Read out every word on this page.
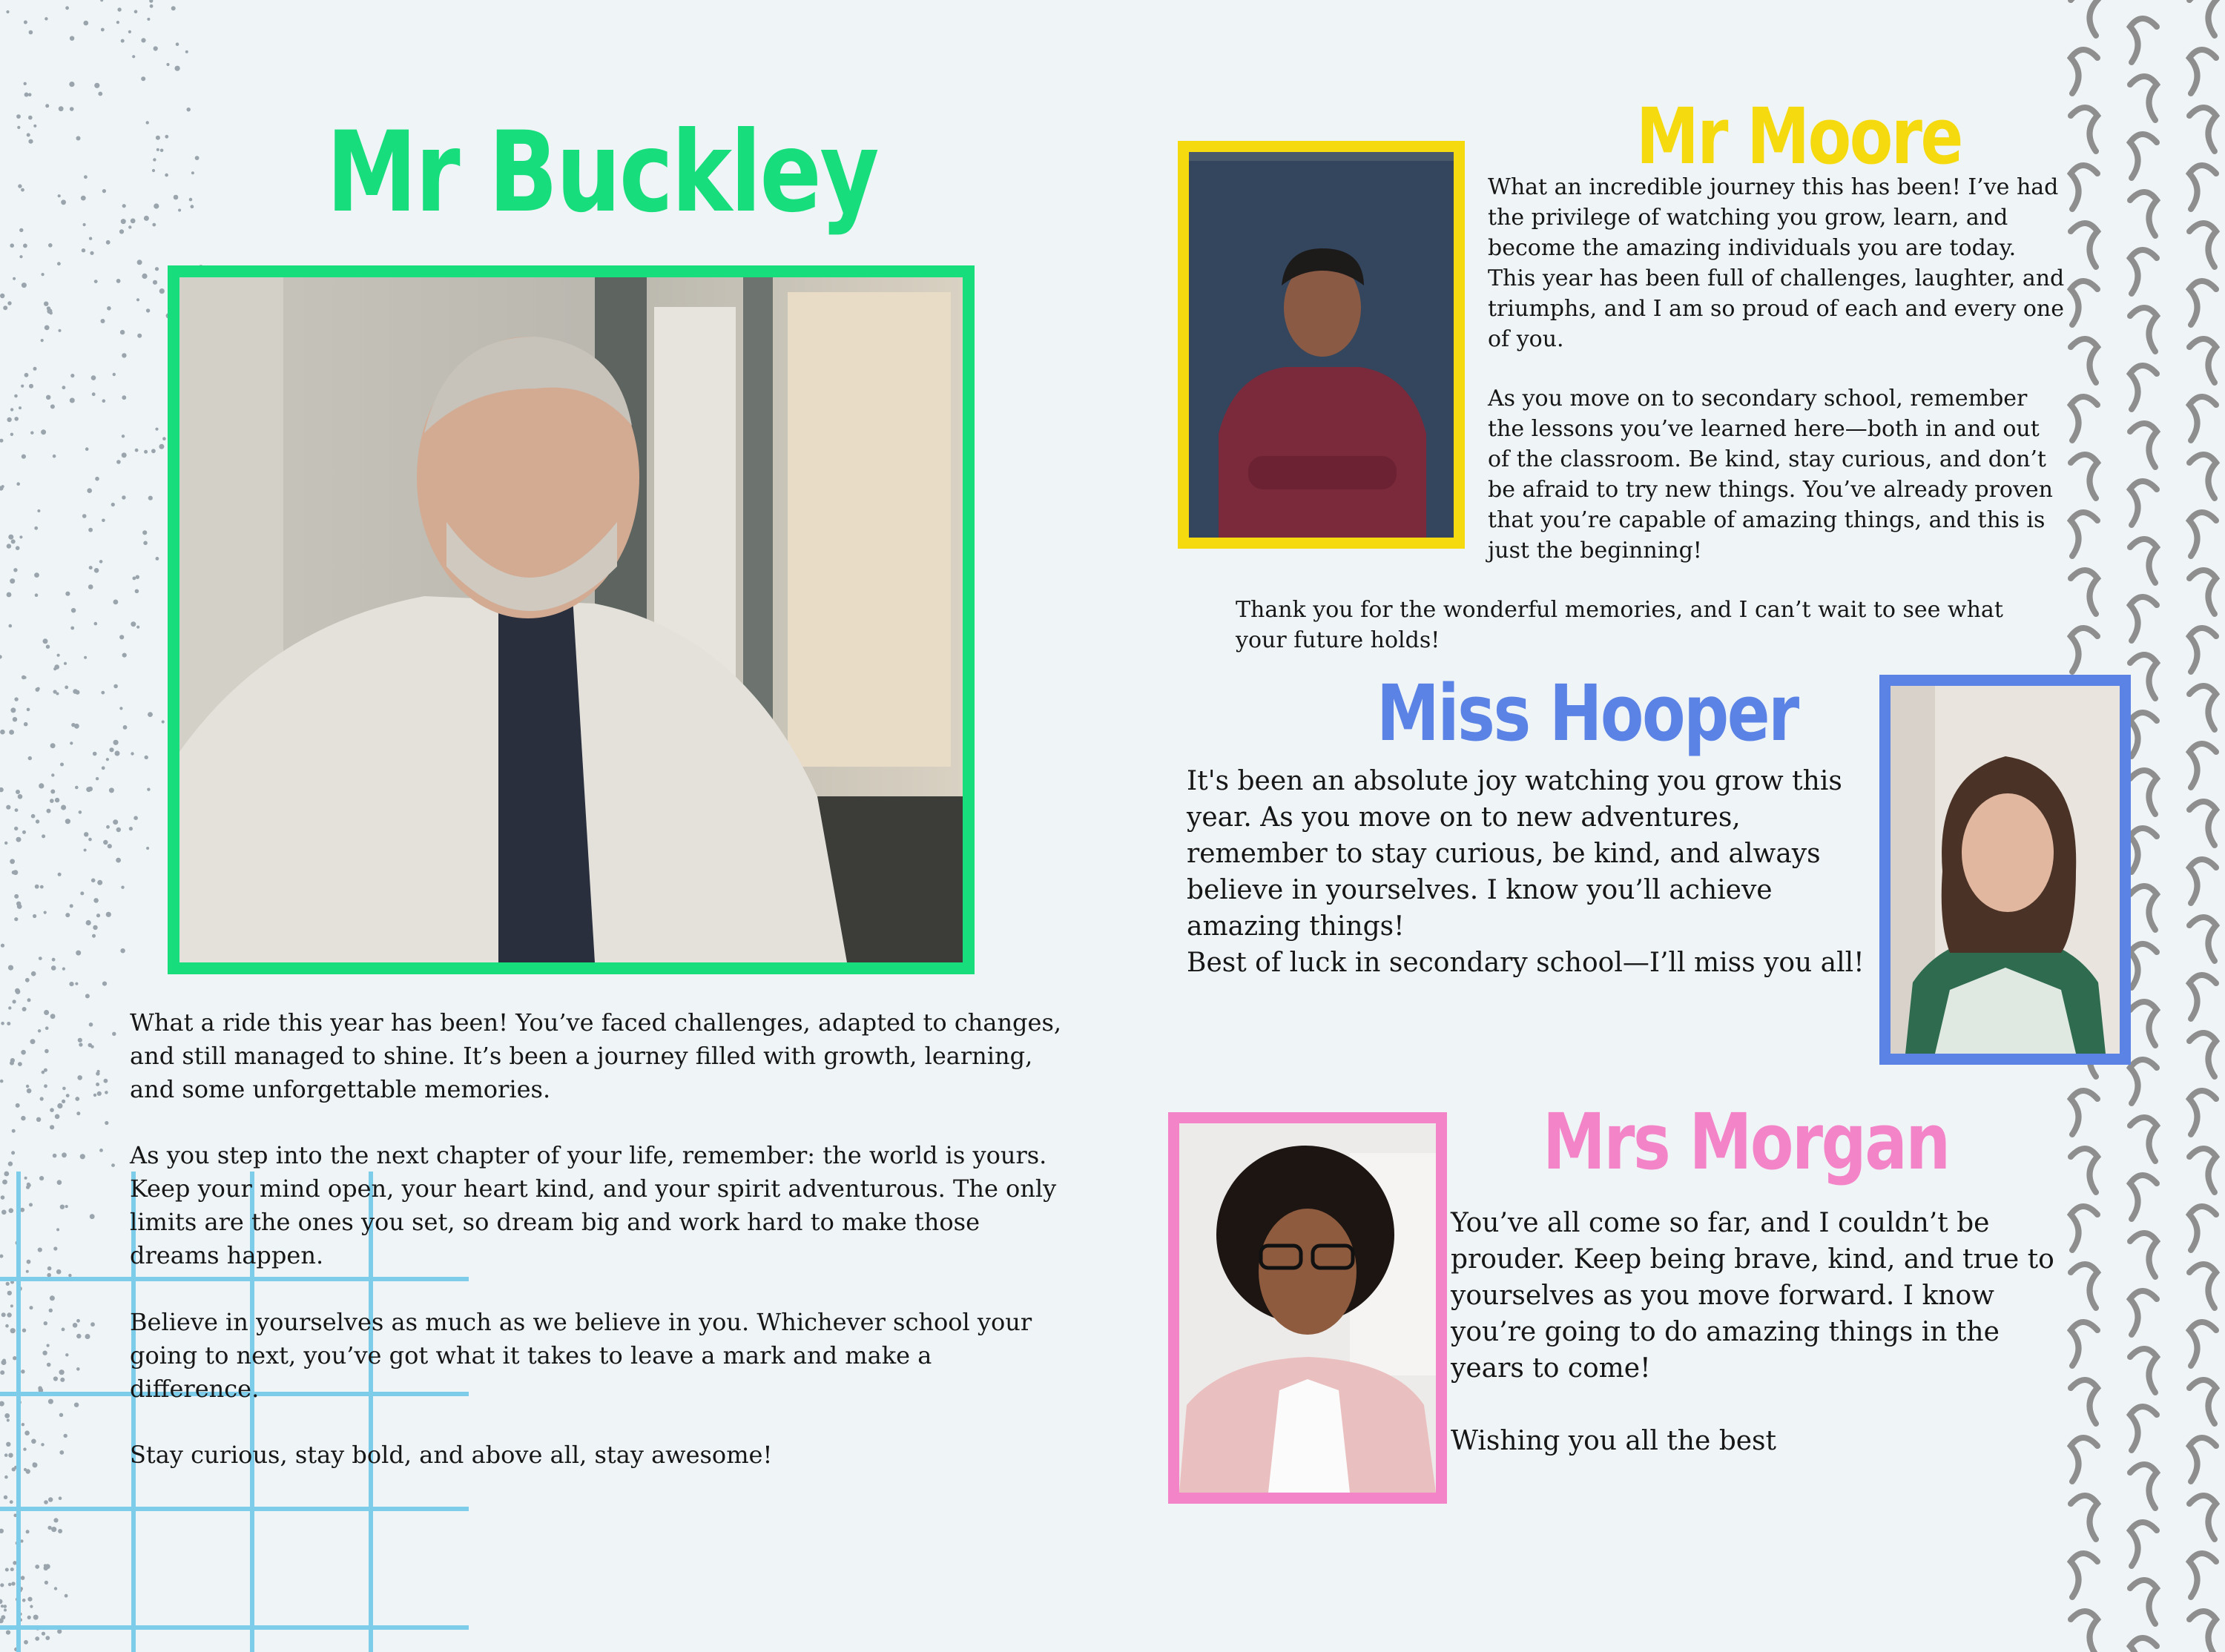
Mr Buckley

What a ride this year has been! You’ve faced challenges, adapted to changes, and still managed to shine. It’s been a journey filled with growth, learning, and some unforgettable memories.

As you step into the next chapter of your life, remember: the world is yours. Keep your mind open, your heart kind, and your spirit adventurous. The only limits are the ones you set, so dream big and work hard to make those dreams happen.

Believe in yourselves as much as we believe in you. Whichever school your going to next, you’ve got what it takes to leave a mark and make a difference.

Stay curious, stay bold, and above all, stay awesome!

Mr Moore

What an incredible journey this has been! I’ve had the privilege of watching you grow, learn, and become the amazing individuals you are today. This year has been full of challenges, laughter, and triumphs, and I am so proud of each and every one of you.

As you move on to secondary school, remember the lessons you’ve learned here—both in and out of the classroom. Be kind, stay curious, and don’t be afraid to try new things. You’ve already proven that you’re capable of amazing things, and this is just the beginning!

Thank you for the wonderful memories, and I can’t wait to see what your future holds!

Miss Hooper

It's been an absolute joy watching you grow this year. As you move on to new adventures, remember to stay curious, be kind, and always believe in yourselves. I know you’ll achieve amazing things!

Best of luck in secondary school—I’ll miss you all!

Mrs Morgan

You’ve all come so far, and I couldn’t be prouder. Keep being brave, kind, and true to yourselves as you move forward. I know you’re going to do amazing things in the years to come!

Wishing you all the best
